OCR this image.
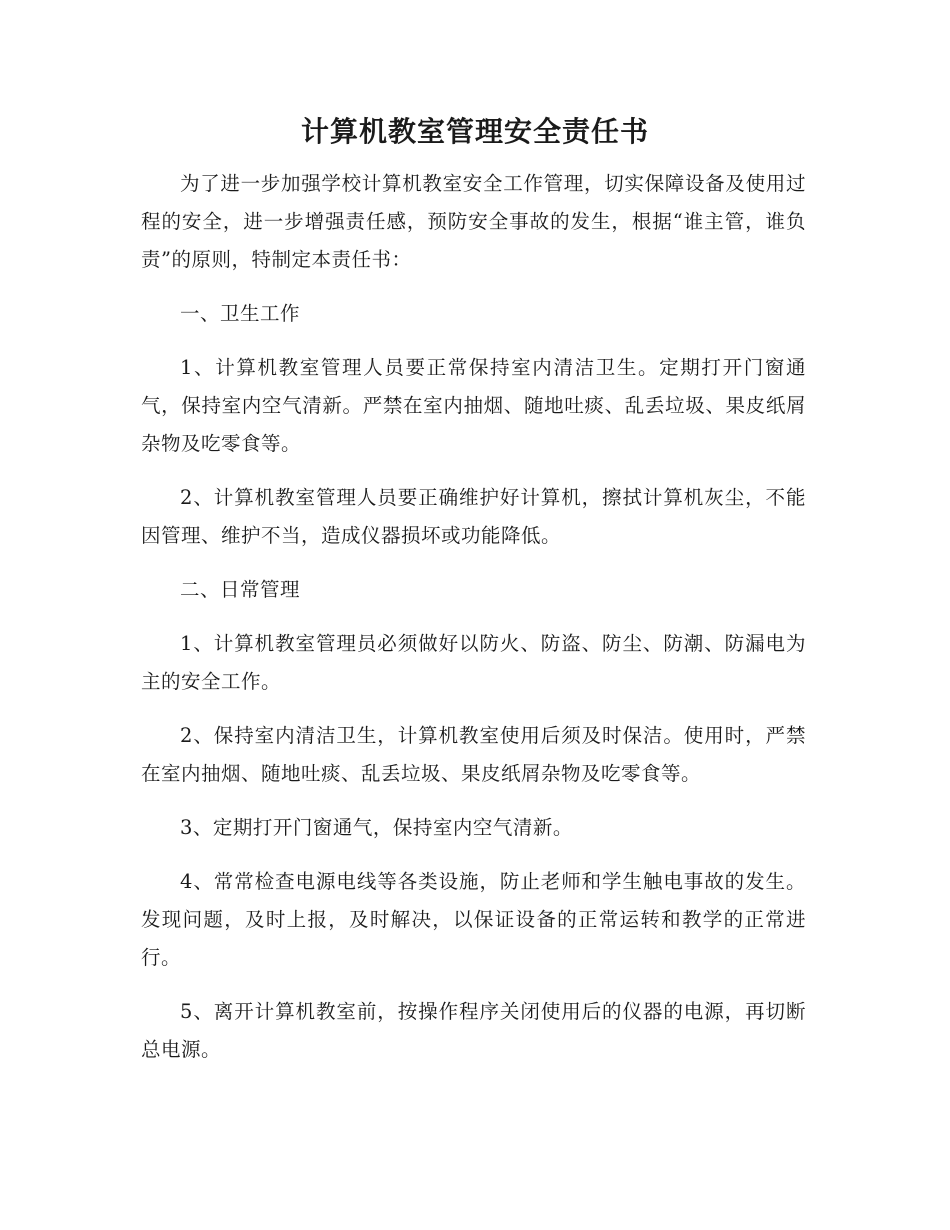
计算机教室管理安全责任书

为了进一步加强学校计算机教室安全工作管理，切实保障设备及使用过程的安全，进一步增强责任感，预防安全事故的发生，根据“谁主管，谁负责”的原则，特制定本责任书：

一、卫生工作

1、计算机教室管理人员要正常保持室内清洁卫生。定期打开门窗通气，保持室内空气清新。严禁在室内抽烟、随地吐痰、乱丢垃圾、果皮纸屑杂物及吃零食等。

2、计算机教室管理人员要正确维护好计算机，擦拭计算机灰尘，不能因管理、维护不当，造成仪器损坏或功能降低。

二、日常管理

1、计算机教室管理员必须做好以防火、防盗、防尘、防潮、防漏电为主的安全工作。

2、保持室内清洁卫生，计算机教室使用后须及时保洁。使用时，严禁在室内抽烟、随地吐痰、乱丢垃圾、果皮纸屑杂物及吃零食等。

3、定期打开门窗通气，保持室内空气清新。

4、常常检查电源电线等各类设施，防止老师和学生触电事故的发生。发现问题，及时上报，及时解决，以保证设备的正常运转和教学的正常进行。

5、离开计算机教室前，按操作程序关闭使用后的仪器的电源，再切断总电源。
